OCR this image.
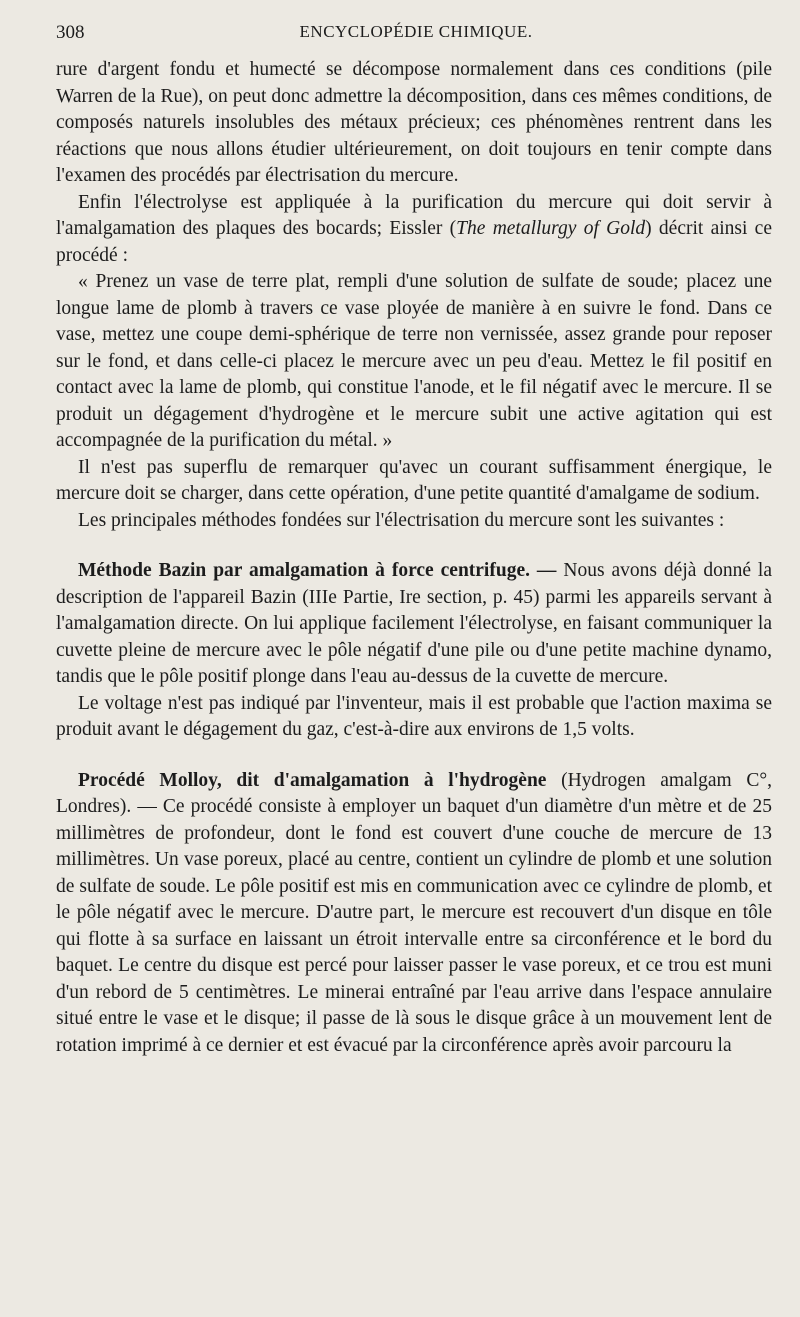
308	ENCYCLOPÉDIE CHIMIQUE.

rure d'argent fondu et humecté se décompose normalement dans ces conditions (pile Warren de la Rue), on peut donc admettre la décomposition, dans ces mêmes conditions, de composés naturels insolubles des métaux précieux; ces phénomènes rentrent dans les réactions que nous allons étudier ultérieurement, on doit toujours en tenir compte dans l'examen des procédés par électrisation du mercure.

Enfin l'électrolyse est appliquée à la purification du mercure qui doit servir à l'amalgamation des plaques des bocards; Eissler (The metallurgy of Gold) décrit ainsi ce procédé :

« Prenez un vase de terre plat, rempli d'une solution de sulfate de soude; placez une longue lame de plomb à travers ce vase ployée de manière à en suivre le fond. Dans ce vase, mettez une coupe demi-sphérique de terre non vernissée, assez grande pour reposer sur le fond, et dans celle-ci placez le mercure avec un peu d'eau. Mettez le fil positif en contact avec la lame de plomb, qui constitue l'anode, et le fil négatif avec le mercure. Il se produit un dégagement d'hydrogène et le mercure subit une active agitation qui est accompagnée de la purification du métal. »

Il n'est pas superflu de remarquer qu'avec un courant suffisamment énergique, le mercure doit se charger, dans cette opération, d'une petite quantité d'amalgame de sodium.

Les principales méthodes fondées sur l'électrisation du mercure sont les suivantes :

Méthode Bazin par amalgamation à force centrifuge. — Nous avons déjà donné la description de l'appareil Bazin (IIIe Partie, Ire section, p. 45) parmi les appareils servant à l'amalgamation directe. On lui applique facilement l'électrolyse, en faisant communiquer la cuvette pleine de mercure avec le pôle négatif d'une pile ou d'une petite machine dynamo, tandis que le pôle positif plonge dans l'eau au-dessus de la cuvette de mercure.

Le voltage n'est pas indiqué par l'inventeur, mais il est probable que l'action maxima se produit avant le dégagement du gaz, c'est-à-dire aux environs de 1,5 volts.

Procédé Molloy, dit d'amalgamation à l'hydrogène (Hydrogen amalgam C°, Londres). — Ce procédé consiste à employer un baquet d'un diamètre d'un mètre et de 25 millimètres de profondeur, dont le fond est couvert d'une couche de mercure de 13 millimètres. Un vase poreux, placé au centre, contient un cylindre de plomb et une solution de sulfate de soude. Le pôle positif est mis en communication avec ce cylindre de plomb, et le pôle négatif avec le mercure. D'autre part, le mercure est recouvert d'un disque en tôle qui flotte à sa surface en laissant un étroit intervalle entre sa circonférence et le bord du baquet. Le centre du disque est percé pour laisser passer le vase poreux, et ce trou est muni d'un rebord de 5 centimètres. Le minerai entraîné par l'eau arrive dans l'espace annulaire situé entre le vase et le disque; il passe de là sous le disque grâce à un mouvement lent de rotation imprimé à ce dernier et est évacué par la circonférence après avoir parcouru la
